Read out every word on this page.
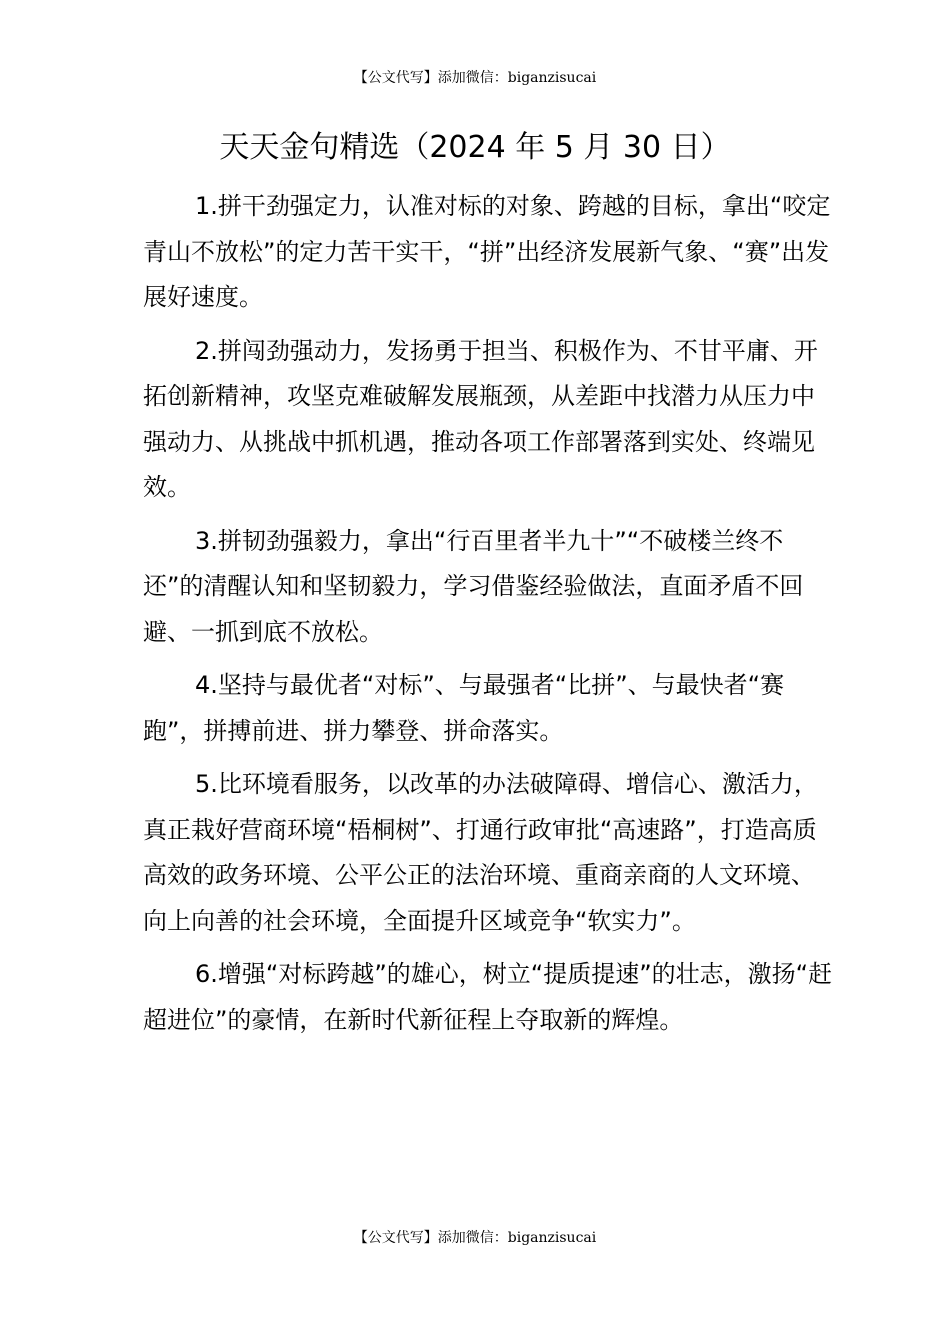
【公文代写】添加微信：biganzisucai
天天金句精选（2024 年 5 月 30 日）

1.拼干劲强定力，认准对标的对象、跨越的目标，拿出“咬定青山不放松”的定力苦干实干，“拼”出经济发展新气象、“赛”出发展好速度。

2.拼闯劲强动力，发扬勇于担当、积极作为、不甘平庸、开拓创新精神，攻坚克难破解发展瓶颈，从差距中找潜力从压力中强动力、从挑战中抓机遇，推动各项工作部署落到实处、终端见效。

3.拼韧劲强毅力，拿出“行百里者半九十”“不破楼兰终不还”的清醒认知和坚韧毅力，学习借鉴经验做法，直面矛盾不回避、一抓到底不放松。

4.坚持与最优者“对标”、与最强者“比拼”、与最快者“赛跑”，拼搏前进、拼力攀登、拼命落实。

5.比环境看服务，以改革的办法破障碍、增信心、激活力，真正栽好营商环境“梧桐树”、打通行政审批“高速路”，打造高质高效的政务环境、公平公正的法治环境、重商亲商的人文环境、向上向善的社会环境，全面提升区域竞争“软实力”。

6.增强“对标跨越”的雄心，树立“提质提速”的壮志，激扬“赶超进位”的豪情，在新时代新征程上夺取新的辉煌。

【公文代写】添加微信：biganzisucai
